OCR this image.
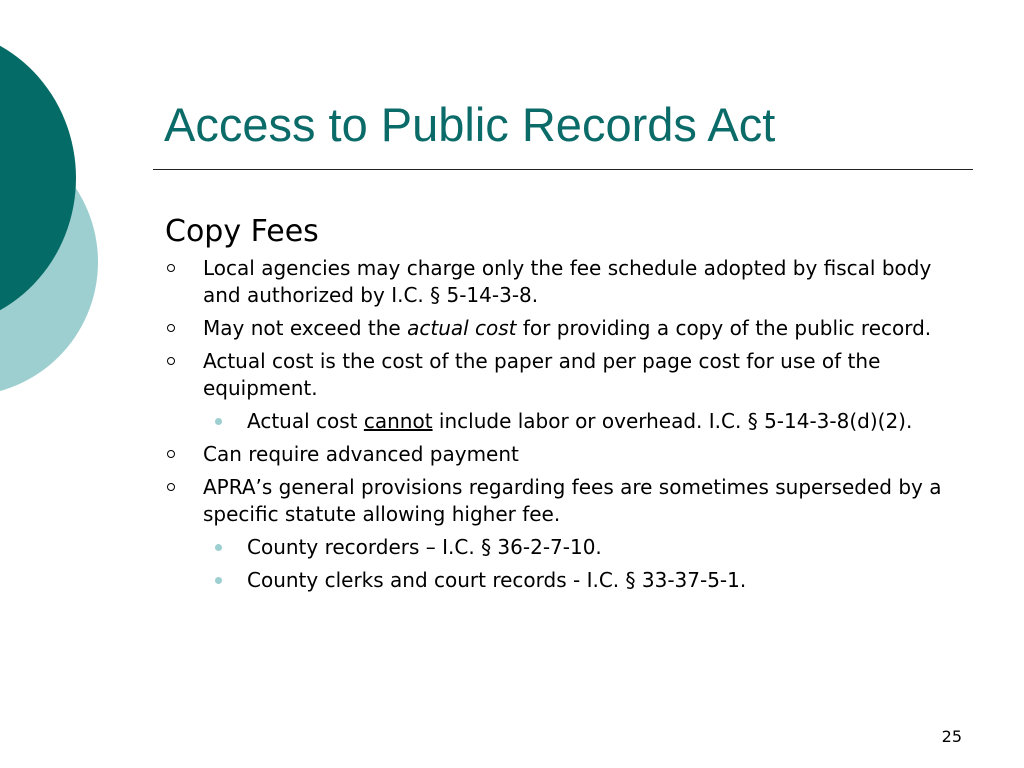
Access to Public Records Act
Copy Fees
Local agencies may charge only the fee schedule adopted by fiscal body and authorized by I.C. § 5-14-3-8.
May not exceed the actual cost for providing a copy of the public record.
Actual cost is the cost of the paper and per page cost for use of the equipment.
Actual cost cannot include labor or overhead. I.C. § 5-14-3-8(d)(2).
Can require advanced payment
APRA’s general provisions regarding fees are sometimes superseded by a specific statute allowing higher fee.
County recorders – I.C. § 36-2-7-10.
County clerks and court records - I.C. § 33-37-5-1.
25
